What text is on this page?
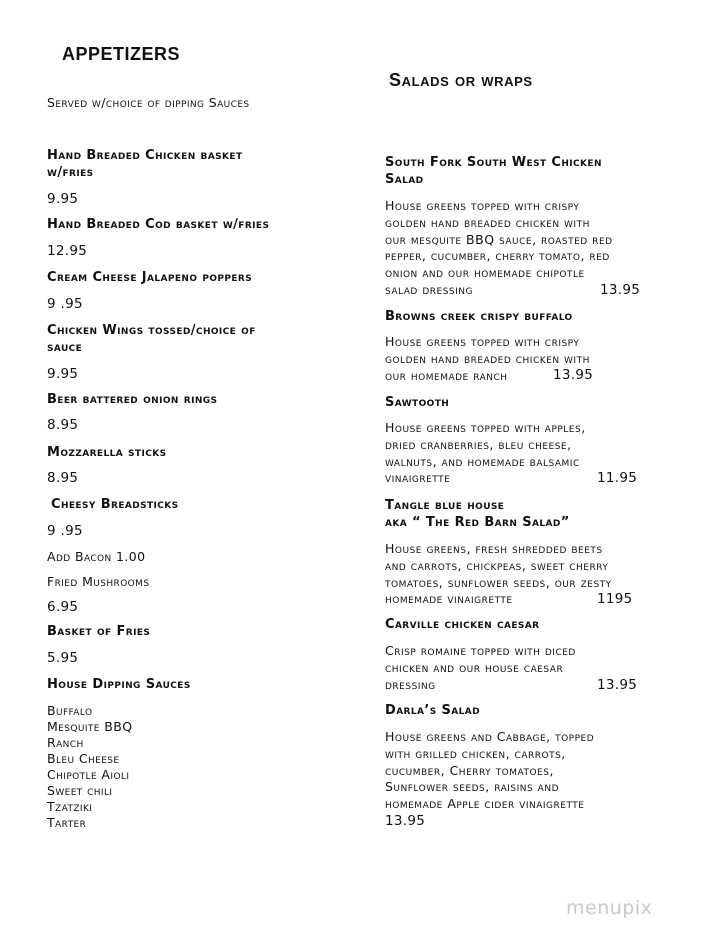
APPETIZERS
Served w/choice of dipping Sauces
Hand Breaded Chicken basket
w/fries
9.95
Hand Breaded Cod basket w/fries
12.95
Cream Cheese Jalapeno poppers
9 .95
Chicken Wings tossed/choice of
sauce
9.95
Beer battered onion rings
8.95
Mozzarella sticks
8.95
Cheesy Breadsticks
9 .95
Add Bacon 1.00
Fried Mushrooms
6.95
Basket of Fries
5.95
House Dipping Sauces
Buffalo
Mesquite BBQ
Ranch
Bleu Cheese
Chipotle Aioli
Sweet chili
Tzatziki
Tarter
Salads or wraps
South Fork South West Chicken
Salad
House greens topped with crispy
golden hand breaded chicken with
our mesquite BBQ sauce, roasted red
pepper, cucumber, cherry tomato, red
onion and our homemade chipotle
salad dressing	13.95
Browns creek crispy buffalo
House greens topped with crispy
golden hand breaded chicken with
our homemade ranch	13.95
Sawtooth
House greens topped with apples,
dried cranberries, bleu cheese,
walnuts, and homemade balsamic
vinaigrette	11.95
Tangle blue house
aka “ The Red Barn Salad”
House greens, fresh shredded beets
and carrots, chickpeas, sweet cherry
tomatoes, sunflower seeds, our zesty
homemade vinaigrette	1195
Carville chicken caesar
Crisp romaine topped with diced
chicken and our house caesar
dressing	13.95
Darla’s Salad
House greens and Cabbage, topped
with grilled chicken, carrots,
cucumber, Cherry tomatoes,
Sunflower seeds, raisins and
homemade Apple cider vinaigrette
13.95
menupix
